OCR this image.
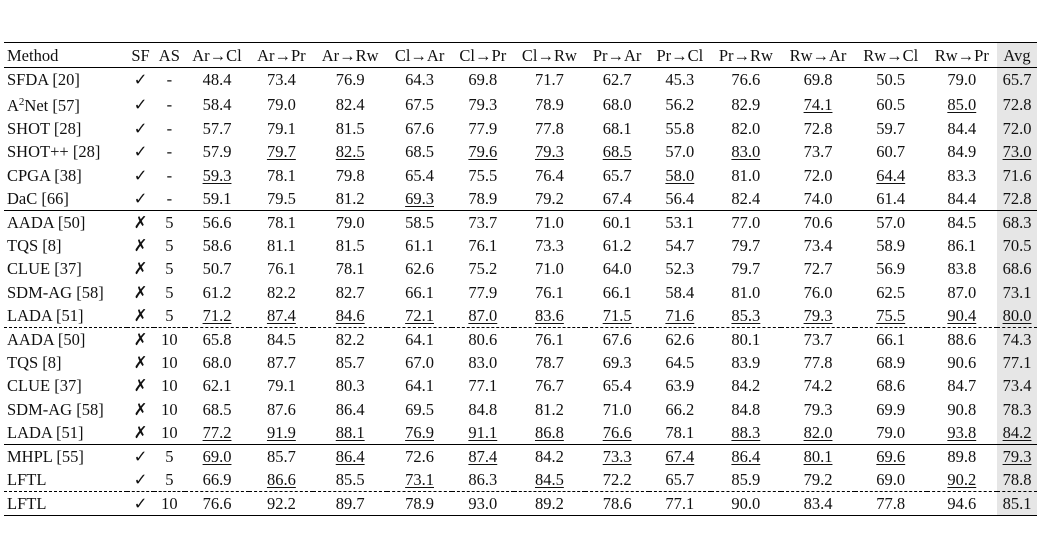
Method	SF	AS	Ar→Cl	Ar→Pr	Ar→Rw	Cl→Ar	Cl→Pr	Cl→Rw	Pr→Ar	Pr→Cl	Pr→Rw	Rw→Ar	Rw→Cl	Rw→Pr	Avg
SFDA [20]	✓	-	48.4	73.4	76.9	64.3	69.8	71.7	62.7	45.3	76.6	69.8	50.5	79.0	65.7
$A^2Net$ [57]	✓	-	58.4	79.0	82.4	67.5	79.3	78.9	68.0	56.2	82.9	74.1	60.5	85.0	72.8
SHOT [28]	✓	-	57.7	79.1	81.5	67.6	77.9	77.8	68.1	55.8	82.0	72.8	59.7	84.4	72.0
SHOT++ [28]	✓	-	57.9	79.7	82.5	68.5	79.6	79.3	68.5	57.0	83.0	73.7	60.7	84.9	73.0
CPGA [38]	✓	-	59.3	78.1	79.8	65.4	75.5	76.4	65.7	58.0	81.0	72.0	64.4	83.3	71.6
DaC [66]	✓	-	59.1	79.5	81.2	69.3	78.9	79.2	67.4	56.4	82.4	74.0	61.4	84.4	72.8
AADA [50]	✗	5	56.6	78.1	79.0	58.5	73.7	71.0	60.1	53.1	77.0	70.6	57.0	84.5	68.3
TQS [8]	✗	5	58.6	81.1	81.5	61.1	76.1	73.3	61.2	54.7	79.7	73.4	58.9	86.1	70.5
CLUE [37]	✗	5	50.7	76.1	78.1	62.6	75.2	71.0	64.0	52.3	79.7	72.7	56.9	83.8	68.6
SDM-AG [58]	✗	5	61.2	82.2	82.7	66.1	77.9	76.1	66.1	58.4	81.0	76.0	62.5	87.0	73.1
LADA [51]	✗	5	71.2	87.4	84.6	72.1	87.0	83.6	71.5	71.6	85.3	79.3	75.5	90.4	80.0
AADA [50]	✗	10	65.8	84.5	82.2	64.1	80.6	76.1	67.6	62.6	80.1	73.7	66.1	88.6	74.3
TQS [8]	✗	10	68.0	87.7	85.7	67.0	83.0	78.7	69.3	64.5	83.9	77.8	68.9	90.6	77.1
CLUE [37]	✗	10	62.1	79.1	80.3	64.1	77.1	76.7	65.4	63.9	84.2	74.2	68.6	84.7	73.4
SDM-AG [58]	✗	10	68.5	87.6	86.4	69.5	84.8	81.2	71.0	66.2	84.8	79.3	69.9	90.8	78.3
LADA [51]	✗	10	77.2	91.9	88.1	76.9	91.1	86.8	76.6	78.1	88.3	82.0	79.0	93.8	84.2
MHPL [55]	✓	5	69.0	85.7	86.4	72.6	87.4	84.2	73.3	67.4	86.4	80.1	69.6	89.8	79.3
LFTL	✓	5	66.9	86.6	85.5	73.1	86.3	84.5	72.2	65.7	85.9	79.2	69.0	90.2	78.8
LFTL	✓	10	76.6	92.2	89.7	78.9	93.0	89.2	78.6	77.1	90.0	83.4	77.8	94.6	85.1
